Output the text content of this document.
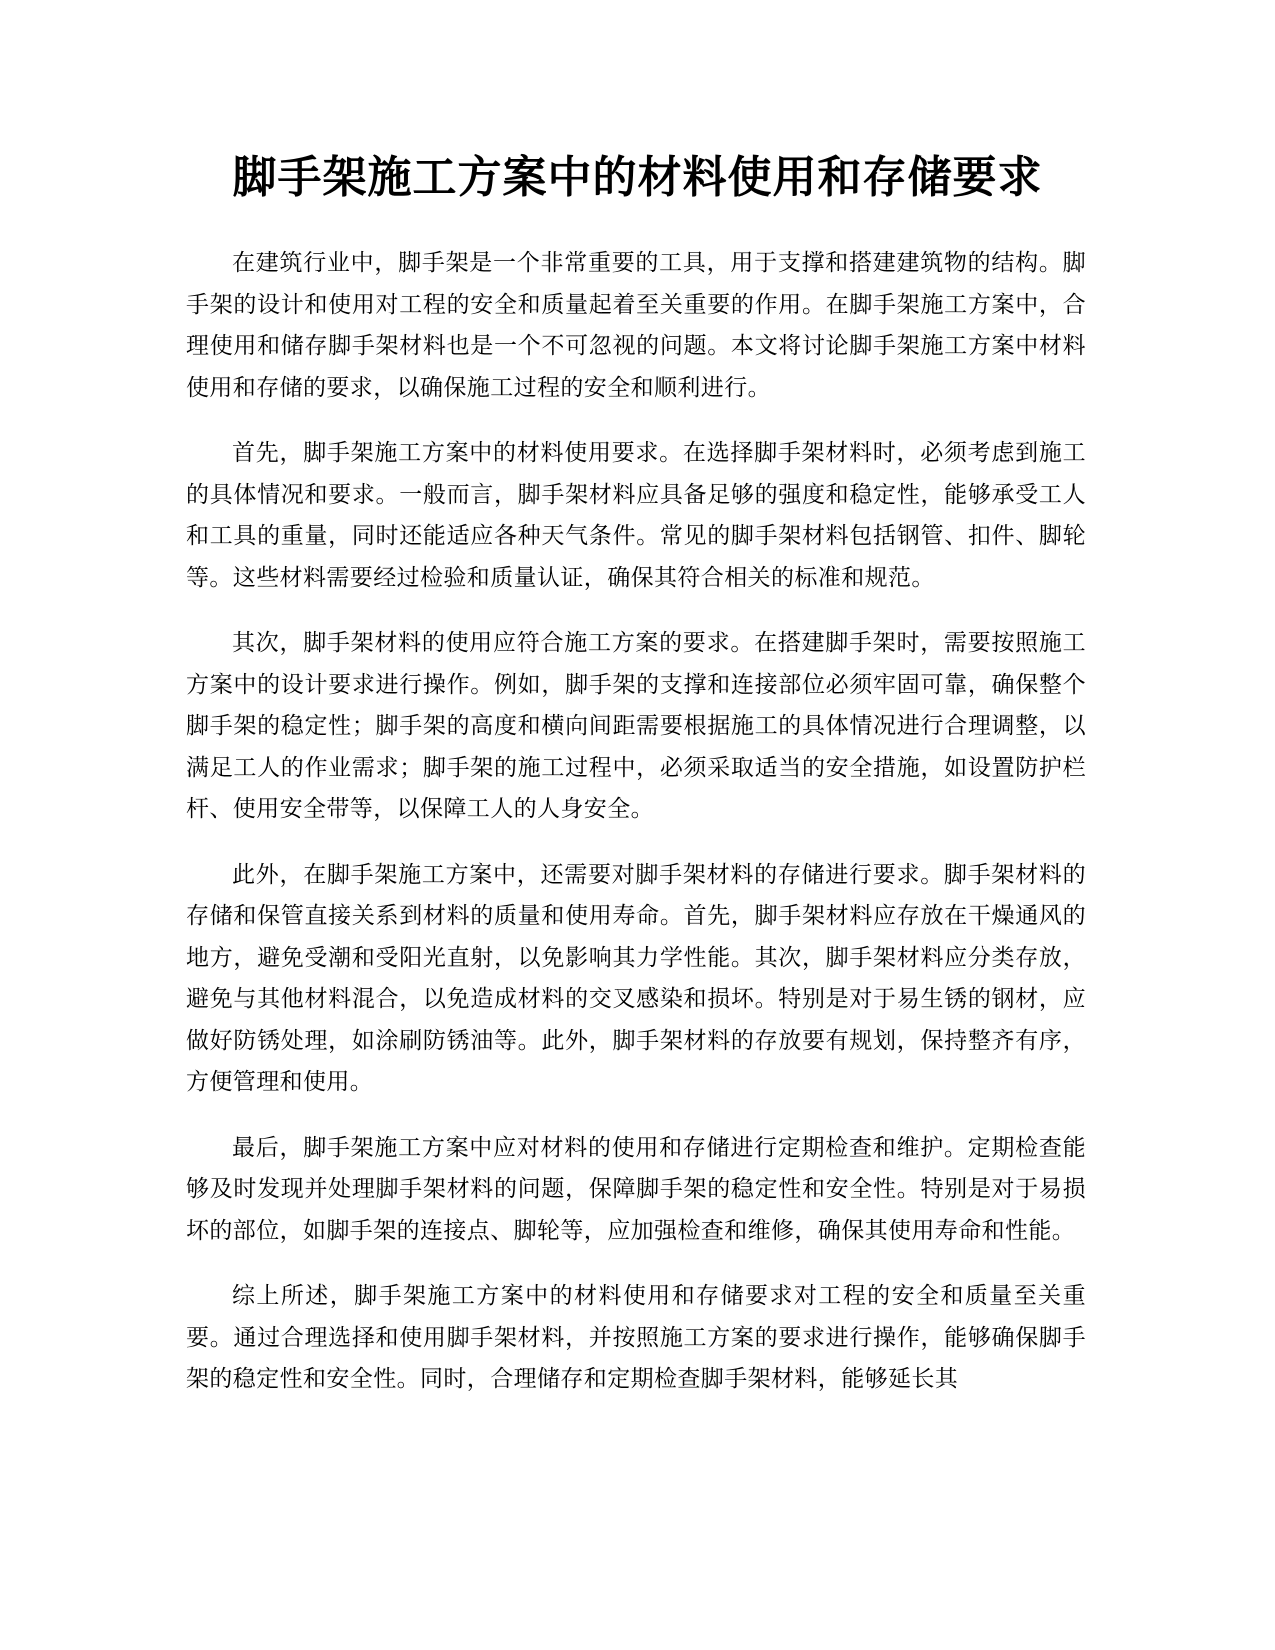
脚手架施工方案中的材料使用和存储要求

在建筑行业中，脚手架是一个非常重要的工具，用于支撑和搭建建筑物的结构。脚手架的设计和使用对工程的安全和质量起着至关重要的作用。在脚手架施工方案中，合理使用和储存脚手架材料也是一个不可忽视的问题。本文将讨论脚手架施工方案中材料使用和存储的要求，以确保施工过程的安全和顺利进行。

首先，脚手架施工方案中的材料使用要求。在选择脚手架材料时，必须考虑到施工的具体情况和要求。一般而言，脚手架材料应具备足够的强度和稳定性，能够承受工人和工具的重量，同时还能适应各种天气条件。常见的脚手架材料包括钢管、扣件、脚轮等。这些材料需要经过检验和质量认证，确保其符合相关的标准和规范。

其次，脚手架材料的使用应符合施工方案的要求。在搭建脚手架时，需要按照施工方案中的设计要求进行操作。例如，脚手架的支撑和连接部位必须牢固可靠，确保整个脚手架的稳定性；脚手架的高度和横向间距需要根据施工的具体情况进行合理调整，以满足工人的作业需求；脚手架的施工过程中，必须采取适当的安全措施，如设置防护栏杆、使用安全带等，以保障工人的人身安全。

此外，在脚手架施工方案中，还需要对脚手架材料的存储进行要求。脚手架材料的存储和保管直接关系到材料的质量和使用寿命。首先，脚手架材料应存放在干燥通风的地方，避免受潮和受阳光直射，以免影响其力学性能。其次，脚手架材料应分类存放，避免与其他材料混合，以免造成材料的交叉感染和损坏。特别是对于易生锈的钢材，应做好防锈处理，如涂刷防锈油等。此外，脚手架材料的存放要有规划，保持整齐有序，方便管理和使用。

最后，脚手架施工方案中应对材料的使用和存储进行定期检查和维护。定期检查能够及时发现并处理脚手架材料的问题，保障脚手架的稳定性和安全性。特别是对于易损坏的部位，如脚手架的连接点、脚轮等，应加强检查和维修，确保其使用寿命和性能。

综上所述，脚手架施工方案中的材料使用和存储要求对工程的安全和质量至关重要。通过合理选择和使用脚手架材料，并按照施工方案的要求进行操作，能够确保脚手架的稳定性和安全性。同时，合理储存和定期检查脚手架材料，能够延长其
